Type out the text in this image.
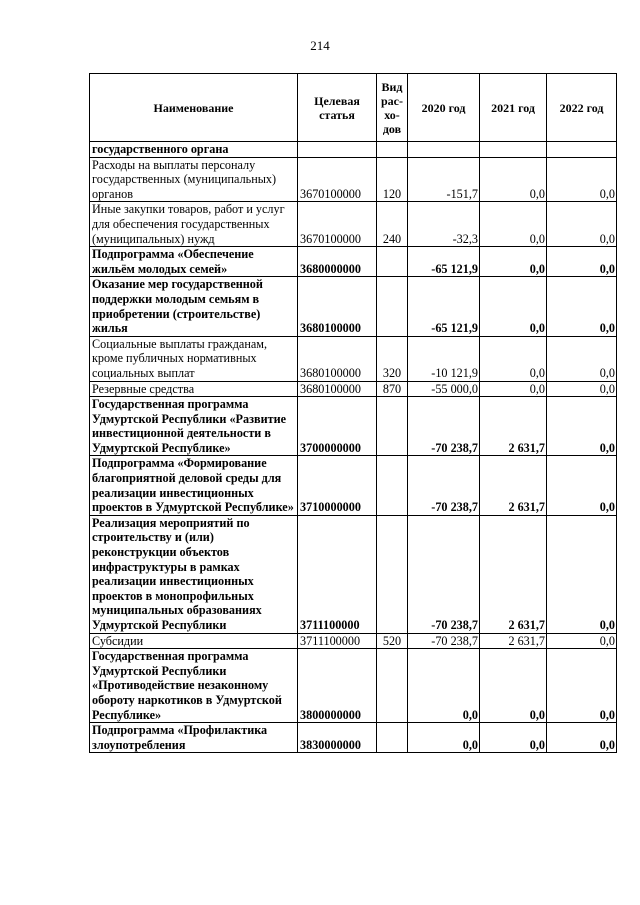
214
Наименование	Целевая статья	Вид рас-хо-дов	2020 год	2021 год	2022 год
государственного органа					
Расходы на выплаты персоналу государственных (муниципальных) органов	3670100000	120	-151,7	0,0	0,0
Иные закупки товаров, работ и услуг для обеспечения государственных (муниципальных) нужд	3670100000	240	-32,3	0,0	0,0
Подпрограмма «Обеспечение жильём молодых семей»	3680000000		-65 121,9	0,0	0,0
Оказание мер государственной поддержки молодым семьям в приобретении (строительстве) жилья	3680100000		-65 121,9	0,0	0,0
Социальные выплаты гражданам, кроме публичных нормативных социальных выплат	3680100000	320	-10 121,9	0,0	0,0
Резервные средства	3680100000	870	-55 000,0	0,0	0,0
Государственная программа Удмуртской Республики «Развитие инвестиционной деятельности в Удмуртской Республике»	3700000000		-70 238,7	2 631,7	0,0
Подпрограмма «Формирование благоприятной деловой среды для реализации инвестиционных проектов в Удмуртской Республике»	3710000000		-70 238,7	2 631,7	0,0
Реализация мероприятий по строительству и (или) реконструкции объектов инфраструктуры в рамках реализации инвестиционных проектов в монопрофильных муниципальных образованиях Удмуртской Республики	3711100000		-70 238,7	2 631,7	0,0
Субсидии	3711100000	520	-70 238,7	2 631,7	0,0
Государственная программа Удмуртской Республики «Противодействие незаконному обороту наркотиков в Удмуртской Республике»	3800000000		0,0	0,0	0,0
Подпрограмма «Профилактика злоупотребления	3830000000		0,0	0,0	0,0
